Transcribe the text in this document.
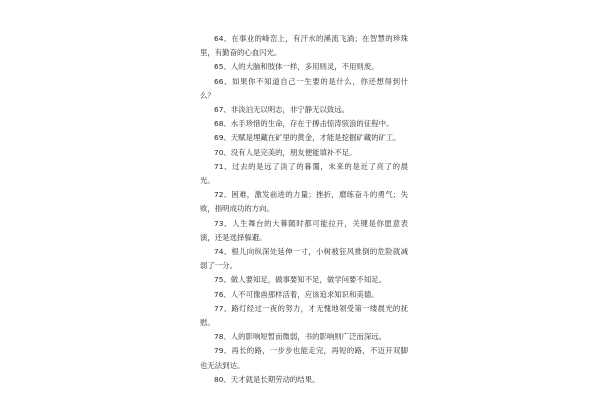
64、在事业的峰峦上，有汗水的溪流飞淌；在智慧的珍珠里，有勤奋的心血闪光。

65、人的大脑和肢体一样，多用则灵，不用则废。

66、如果你不知道自己一生要的是什么，你还想得到什么？

67、非淡泊无以明志，非宁静无以致远。

68、水手珍惜的生命，存在于搏击惊涛骇浪的征程中。

69、天赋是埋藏在矿里的黄金，才能是挖掘矿藏的矿工。

70、没有人是完美的，朋友便能填补不足。

71、过去的是远了淡了的暮霭，未来的是近了亮了的晨光。

72、困难，激发前进的力量；挫折，磨练奋斗的勇气；失败，指明成功的方向。

73、人生舞台的大幕随时都可能拉开，关键是你愿意表演，还是选择躲避。

74、根儿向纵深处延伸一寸，小树被狂风推倒的危险就减弱了一分。

75、做人要知足，做事要知不足，做学问要不知足。

76、人不可像兽那样活着，应该追求知识和美德。

77、路灯经过一夜的努力，才无愧地领受第一缕晨光的抚慰。

78、人的影响短暂而微弱，书的影响则广泛而深远。

79、再长的路，一步步也能走完，再短的路，不迈开双脚也无法到达。

80、天才就是长期劳动的结果。
